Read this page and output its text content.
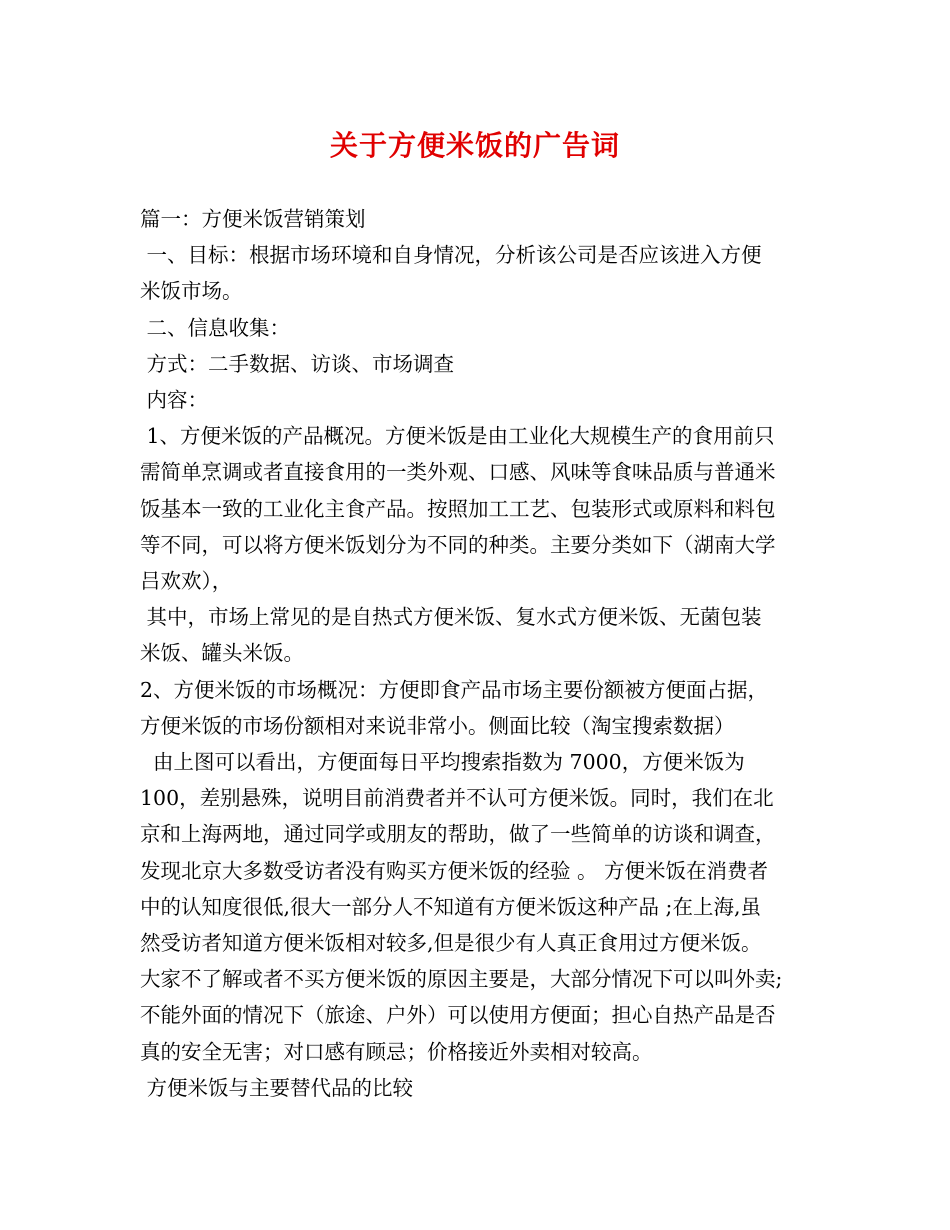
关于方便米饭的广告词
篇一：方便米饭营销策划
一、目标：根据市场环境和自身情况，分析该公司是否应该进入方便
米饭市场。
二、信息收集：
方式：二手数据、访谈、市场调查
内容：
1、方便米饭的产品概况。方便米饭是由工业化大规模生产的食用前只
需简单烹调或者直接食用的一类外观、口感、风味等食味品质与普通米
饭基本一致的工业化主食产品。按照加工工艺、包装形式或原料和料包
等不同，可以将方便米饭划分为不同的种类。主要分类如下（湖南大学
吕欢欢），
其中，市场上常见的是自热式方便米饭、复水式方便米饭、无菌包装
米饭、罐头米饭。
2、方便米饭的市场概况：方便即食产品市场主要份额被方便面占据，
方便米饭的市场份额相对来说非常小。侧面比较（淘宝搜索数据）
由上图可以看出，方便面每日平均搜索指数为 7000，方便米饭为
100，差别悬殊，说明目前消费者并不认可方便米饭。同时，我们在北
京和上海两地，通过同学或朋友的帮助，做了一些简单的访谈和调查，
发现北京大多数受访者没有购买方便米饭的经验 。 方便米饭在消费者
中的认知度很低,很大一部分人不知道有方便米饭这种产品 ;在上海,虽
然受访者知道方便米饭相对较多,但是很少有人真正食用过方便米饭。
大家不了解或者不买方便米饭的原因主要是，大部分情况下可以叫外卖;
不能外面的情况下（旅途、户外）可以使用方便面；担心自热产品是否
真的安全无害；对口感有顾忌；价格接近外卖相对较高。
方便米饭与主要替代品的比较
